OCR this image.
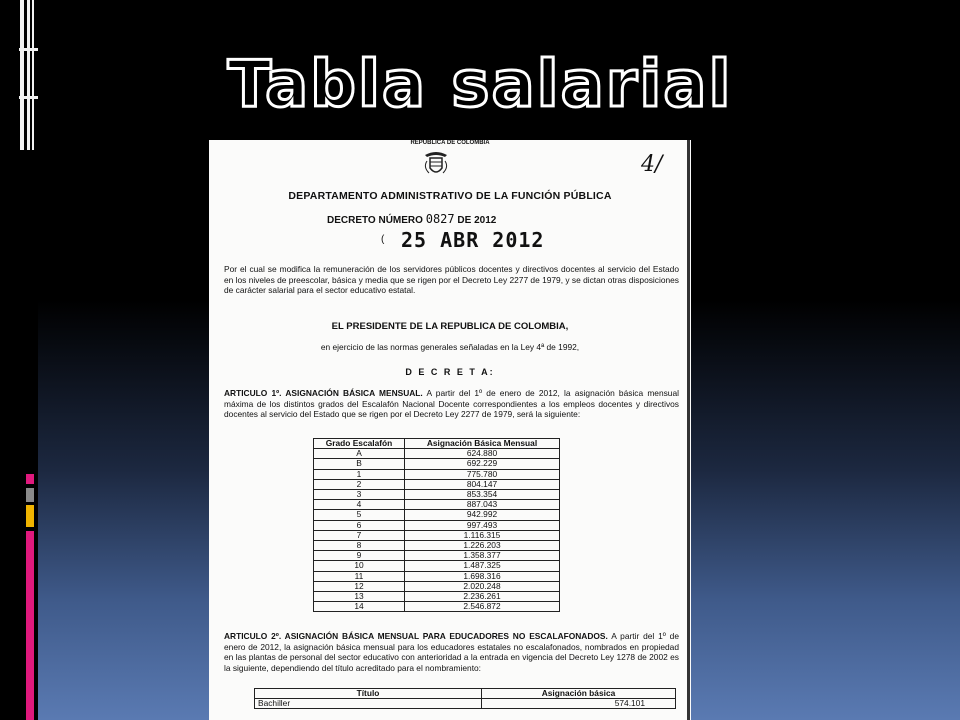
Tabla salarial
REPUBLICA DE COLOMBIA
4/
DEPARTAMENTO ADMINISTRATIVO DE LA FUNCIÓN PÚBLICA
DECRETO NÚMERO 0827 DE 2012
( 25 ABR 2012
Por el cual se modifica la remuneración de los servidores públicos docentes y directivos docentes al servicio del Estado en los niveles de preescolar, básica y media que se rigen por el Decreto Ley 2277 de 1979, y se dictan otras disposiciones de carácter salarial para el sector educativo estatal.
EL PRESIDENTE DE LA REPUBLICA DE COLOMBIA,
en ejercicio de las normas generales señaladas en la Ley 4ª de 1992,
D E C R E T A:
ARTICULO 1º. ASIGNACIÓN BÁSICA MENSUAL. A partir del 1º de enero de 2012, la asignación básica mensual máxima de los distintos grados del Escalafón Nacional Docente correspondientes a los empleos docentes y directivos docentes al servicio del Estado que se rigen por el Decreto Ley 2277 de 1979, será la siguiente:
Grado Escalafón	Asignación Básica Mensual
A	624.880
B	692.229
1	775.780
2	804.147
3	853.354
4	887.043
5	942.992
6	997.493
7	1.116.315
8	1.226.203
9	1.358.377
10	1.487.325
11	1.698.316
12	2.020.248
13	2.236.261
14	2.546.872
ARTICULO 2º. ASIGNACIÓN BÁSICA MENSUAL PARA EDUCADORES NO ESCALAFONADOS. A partir del 1º de enero de 2012, la asignación básica mensual para los educadores estatales no escalafonados, nombrados en propiedad en las plantas de personal del sector educativo con anterioridad a la entrada en vigencia del Decreto Ley 1278 de 2002 es la siguiente, dependiendo del título acreditado para el nombramiento:
Título	Asignación básica
Bachiller	574.101
